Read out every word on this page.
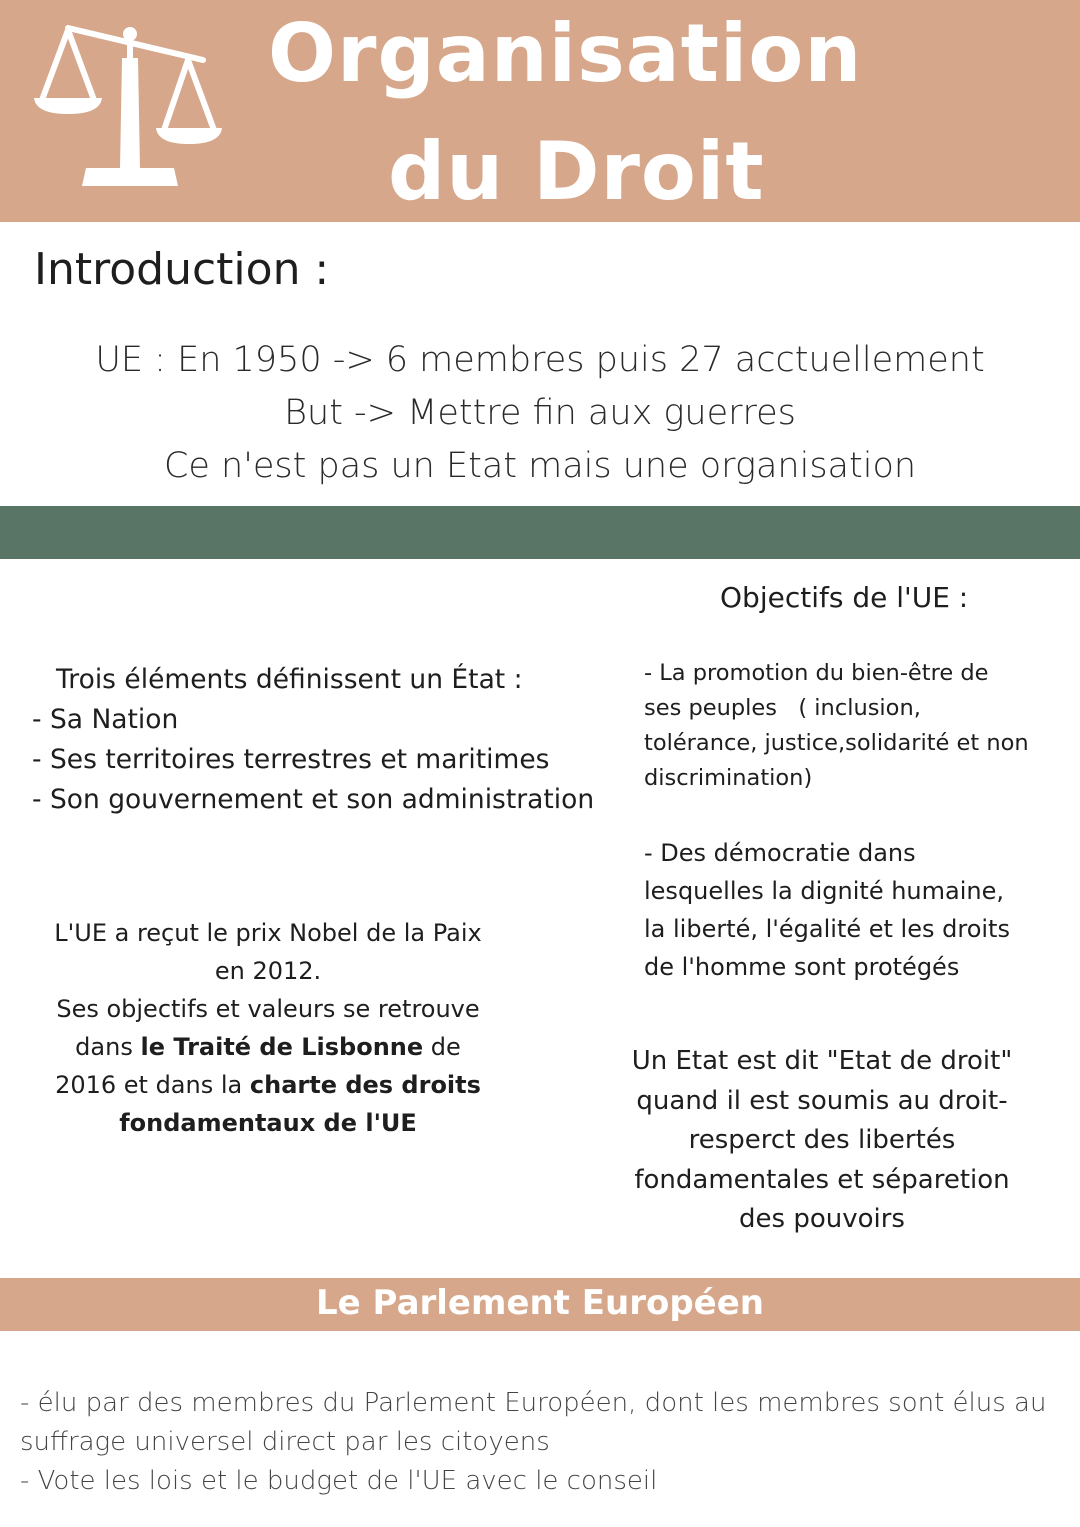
Organisation
du Droit
Introduction :
UE : En 1950 -> 6 membres puis 27 acctuellement
But -> Mettre fin aux guerres
Ce n'est pas un Etat mais une organisation
Objectifs de l'UE :
Trois éléments définissent un État :
- Sa Nation
- Ses territoires terrestres et maritimes
- Son gouvernement et son administration
L'UE a reçut le prix Nobel de la Paix
en 2012.
Ses objectifs et valeurs se retrouve
dans le Traité de Lisbonne de
2016 et dans la charte des droits
fondamentaux de l'UE
- La promotion du bien-être de
ses peuples   ( inclusion,
tolérance, justice,solidarité et non
discrimination)
- Des démocratie dans
lesquelles la dignité humaine,
la liberté, l'égalité et les droits
de l'homme sont protégés
Un Etat est dit "Etat de droit"
quand il est soumis au droit-
resperct des libertés
fondamentales et séparetion
des pouvoirs
Le Parlement Européen
- élu par des membres du Parlement Européen, dont les membres sont élus au
suffrage universel direct par les citoyens
- Vote les lois et le budget de l'UE avec le conseil
